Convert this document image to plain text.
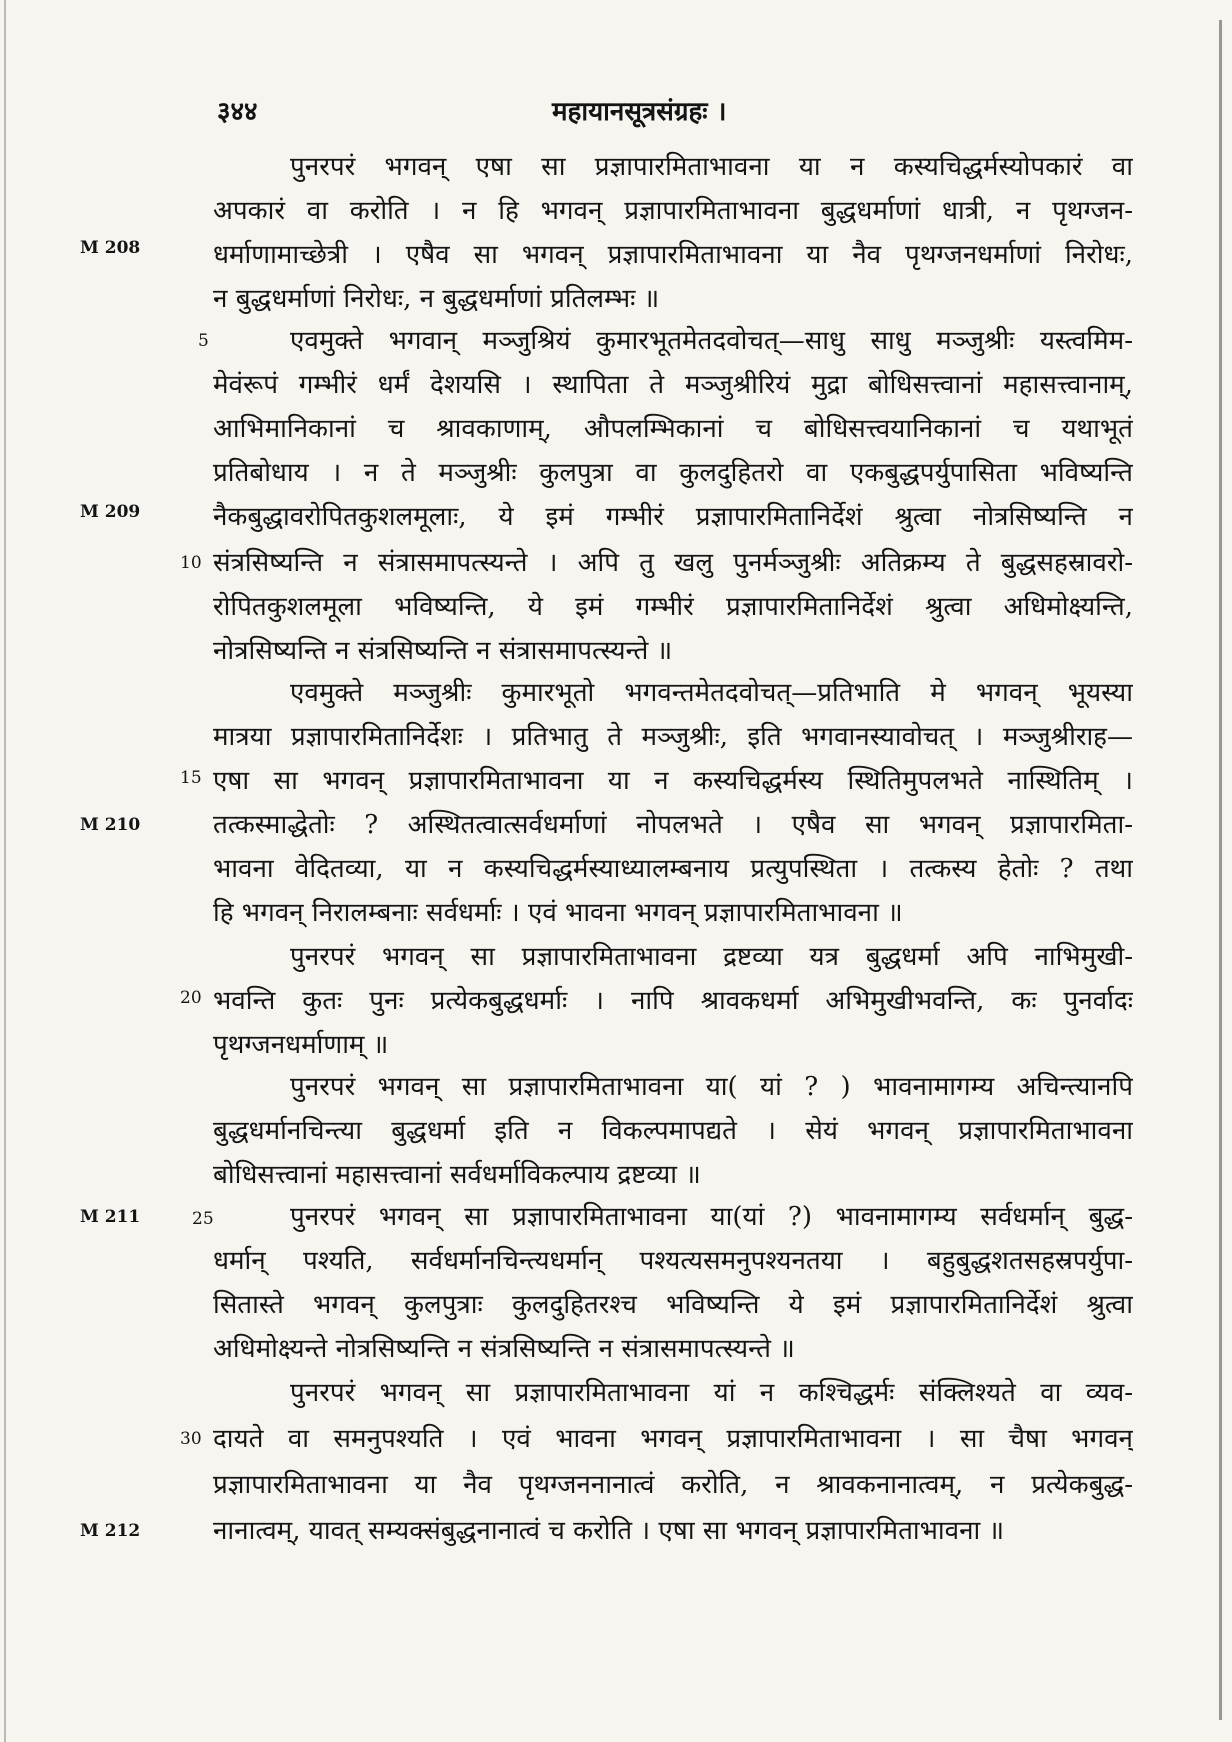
३४४	महायानसूत्रसंग्रहः ।
M 208
M 209
M 210
M 211
M 212
5
10
15
20
25
30
पुनरपरं भगवन् एषा सा प्रज्ञापारमिताभावना या न कस्यचिद्धर्मस्योपकारं वा
अपकारं वा करोति । न हि भगवन् प्रज्ञापारमिताभावना बुद्धधर्माणां धात्री, न पृथग्जन-
धर्माणामाच्छेत्री । एषैव सा भगवन् प्रज्ञापारमिताभावना या नैव पृथग्जनधर्माणां निरोधः,
न बुद्धधर्माणां निरोधः, न बुद्धधर्माणां प्रतिलम्भः ॥
एवमुक्ते भगवान् मञ्जुश्रियं कुमारभूतमेतदवोचत्—साधु साधु मञ्जुश्रीः यस्त्वमिम-
मेवंरूपं गम्भीरं धर्मं देशयसि । स्थापिता ते मञ्जुश्रीरियं मुद्रा बोधिसत्त्वानां महासत्त्वानाम्,
आभिमानिकानां च श्रावकाणाम्, औपलम्भिकानां च बोधिसत्त्वयानिकानां च यथाभूतं
प्रतिबोधाय । न ते मञ्जुश्रीः कुलपुत्रा वा कुलदुहितरो वा एकबुद्धपर्युपासिता भविष्यन्ति
नैकबुद्धावरोपितकुशलमूलाः, ये इमं गम्भीरं प्रज्ञापारमितानिर्देशं श्रुत्वा नोत्रसिष्यन्ति न
संत्रसिष्यन्ति न संत्रासमापत्स्यन्ते । अपि तु खलु पुनर्मञ्जुश्रीः अतिक्रम्य ते बुद्धसहस्रावरो-
रोपितकुशलमूला भविष्यन्ति, ये इमं गम्भीरं प्रज्ञापारमितानिर्देशं श्रुत्वा अधिमोक्ष्यन्ति,
नोत्रसिष्यन्ति न संत्रसिष्यन्ति न संत्रासमापत्स्यन्ते ॥
एवमुक्ते मञ्जुश्रीः कुमारभूतो भगवन्तमेतदवोचत्—प्रतिभाति मे भगवन् भूयस्या
मात्रया प्रज्ञापारमितानिर्देशः । प्रतिभातु ते मञ्जुश्रीः, इति भगवानस्यावोचत् । मञ्जुश्रीराह—
एषा सा भगवन् प्रज्ञापारमिताभावना या न कस्यचिद्धर्मस्य स्थितिमुपलभते नास्थितिम् ।
तत्कस्माद्धेतोः ? अस्थितत्वात्सर्वधर्माणां नोपलभते । एषैव सा भगवन् प्रज्ञापारमिता-
भावना वेदितव्या, या न कस्यचिद्धर्मस्याध्यालम्बनाय प्रत्युपस्थिता । तत्कस्य हेतोः ? तथा
हि भगवन् निरालम्बनाः सर्वधर्माः । एवं भावना भगवन् प्रज्ञापारमिताभावना ॥
पुनरपरं भगवन् सा प्रज्ञापारमिताभावना द्रष्टव्या यत्र बुद्धधर्मा अपि नाभिमुखी-
भवन्ति कुतः पुनः प्रत्येकबुद्धधर्माः । नापि श्रावकधर्मा अभिमुखीभवन्ति, कः पुनर्वादः
पृथग्जनधर्माणाम् ॥
पुनरपरं भगवन् सा प्रज्ञापारमिताभावना या( यां ? ) भावनामागम्य अचिन्त्यानपि
बुद्धधर्मानचिन्त्या बुद्धधर्मा इति न विकल्पमापद्यते । सेयं भगवन् प्रज्ञापारमिताभावना
बोधिसत्त्वानां महासत्त्वानां सर्वधर्माविकल्पाय द्रष्टव्या ॥
पुनरपरं भगवन् सा प्रज्ञापारमिताभावना या(यां ?) भावनामागम्य सर्वधर्मान् बुद्ध-
धर्मान् पश्यति, सर्वधर्मानचिन्त्यधर्मान् पश्यत्यसमनुपश्यनतया । बहुबुद्धशतसहस्रपर्युपा-
सितास्ते भगवन् कुलपुत्राः कुलदुहितरश्च भविष्यन्ति ये इमं प्रज्ञापारमितानिर्देशं श्रुत्वा
अधिमोक्ष्यन्ते नोत्रसिष्यन्ति न संत्रसिष्यन्ति न संत्रासमापत्स्यन्ते ॥
पुनरपरं भगवन् सा प्रज्ञापारमिताभावना यां न कश्चिद्धर्मः संक्लिश्यते वा व्यव-
दायते वा समनुपश्यति । एवं भावना भगवन् प्रज्ञापारमिताभावना । सा चैषा भगवन्
प्रज्ञापारमिताभावना या नैव पृथग्जननानात्वं करोति, न श्रावकनानात्वम्, न प्रत्येकबुद्ध-
नानात्वम्, यावत् सम्यक्संबुद्धनानात्वं च करोति । एषा सा भगवन् प्रज्ञापारमिताभावना ॥
